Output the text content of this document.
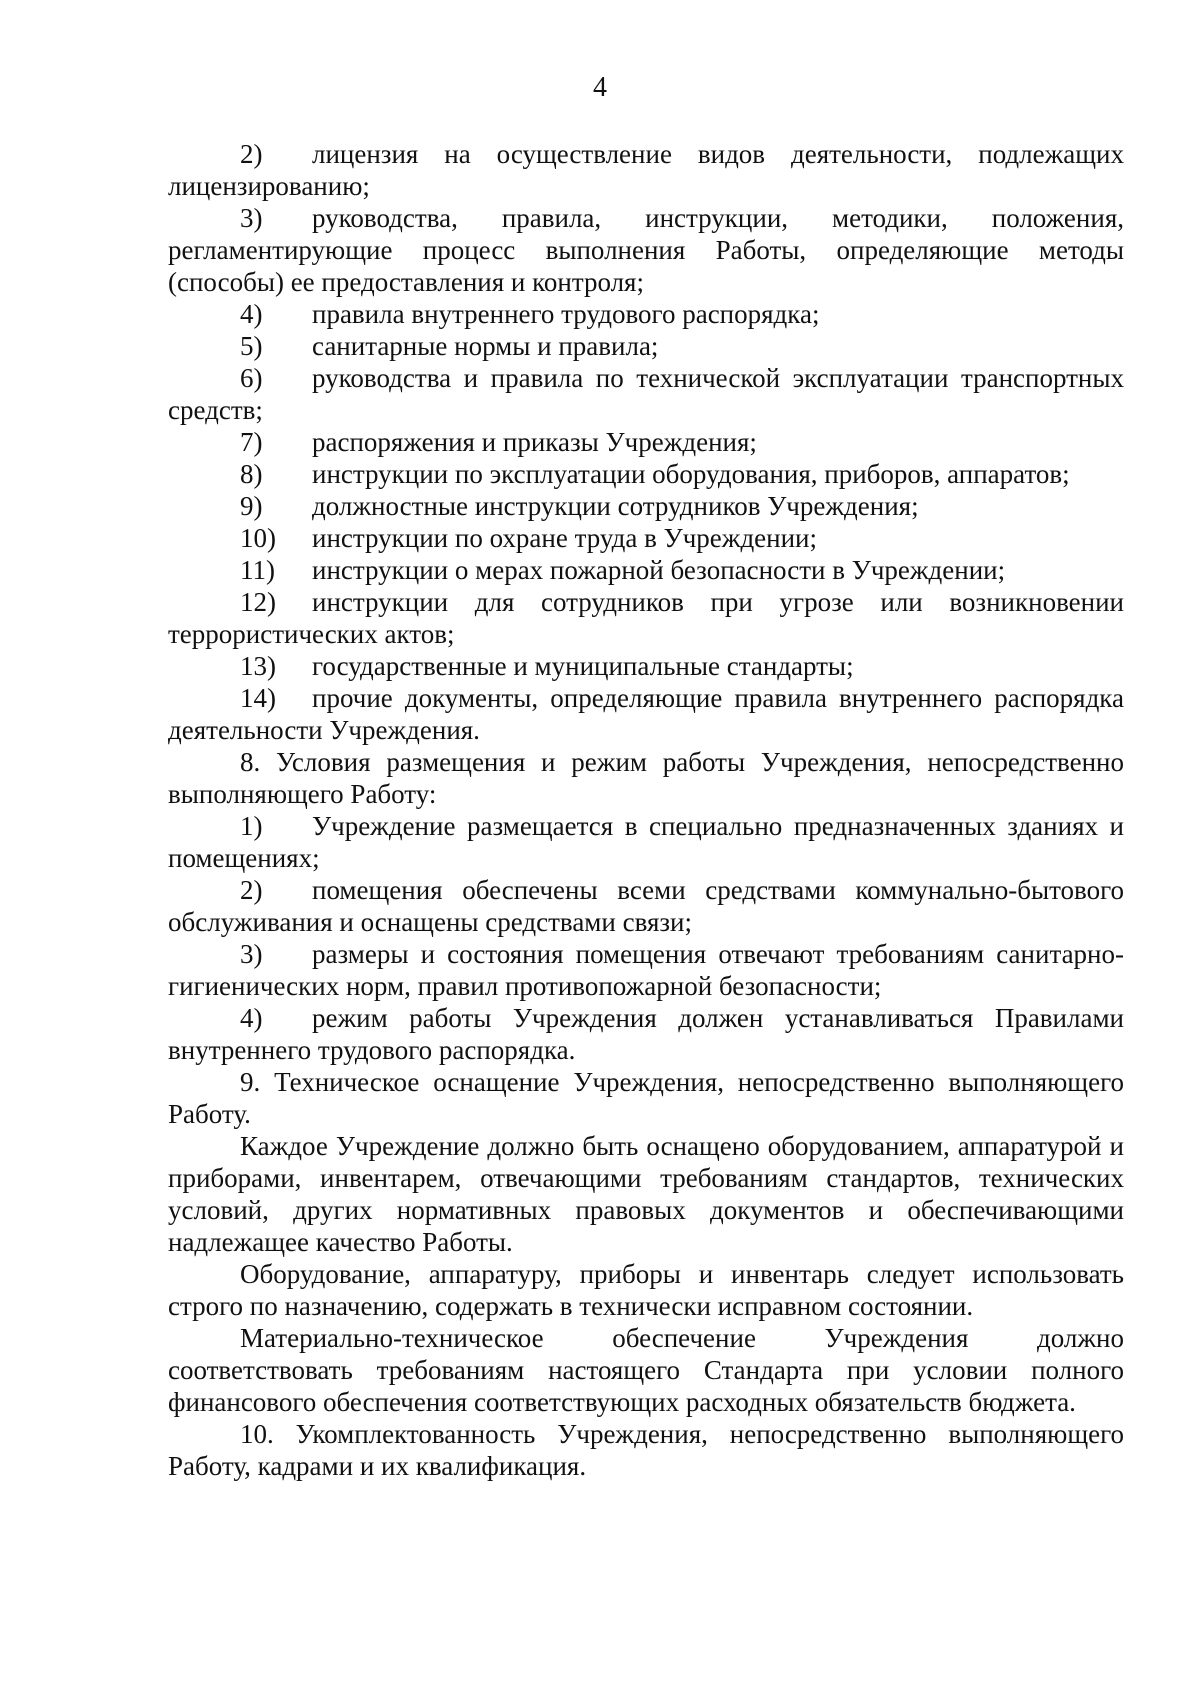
4

2) лицензия на осуществление видов деятельности, подлежащих лицензированию;

3) руководства, правила, инструкции, методики, положения, регламентирующие процесс выполнения Работы, определяющие методы (способы) ее предоставления и контроля;

4) правила внутреннего трудового распорядка;

5) санитарные нормы и правила;

6) руководства и правила по технической эксплуатации транспортных средств;

7) распоряжения и приказы Учреждения;

8) инструкции по эксплуатации оборудования, приборов, аппаратов;

9) должностные инструкции сотрудников Учреждения;

10) инструкции по охране труда в Учреждении;

11) инструкции о мерах пожарной безопасности в Учреждении;

12) инструкции для сотрудников при угрозе или возникновении террористических актов;

13) государственные и муниципальные стандарты;

14) прочие документы, определяющие правила внутреннего распорядка деятельности Учреждения.

8. Условия размещения и режим работы Учреждения, непосредственно выполняющего Работу:

1) Учреждение размещается в специально предназначенных зданиях и помещениях;

2) помещения обеспечены всеми средствами коммунально-бытового обслуживания и оснащены средствами связи;

3) размеры и состояния помещения отвечают требованиям санитарно-гигиенических норм, правил противопожарной безопасности;

4) режим работы Учреждения должен устанавливаться Правилами внутреннего трудового распорядка.

9. Техническое оснащение Учреждения, непосредственно выполняющего Работу.

Каждое Учреждение должно быть оснащено оборудованием, аппаратурой и приборами, инвентарем, отвечающими требованиям стандартов, технических условий, других нормативных правовых документов и обеспечивающими надлежащее качество Работы.

Оборудование, аппаратуру, приборы и инвентарь следует использовать строго по назначению, содержать в технически исправном состоянии.

Материально-техническое обеспечение Учреждения должно соответствовать требованиям настоящего Стандарта при условии полного финансового обеспечения соответствующих расходных обязательств бюджета.

10. Укомплектованность Учреждения, непосредственно выполняющего Работу, кадрами и их квалификация.
